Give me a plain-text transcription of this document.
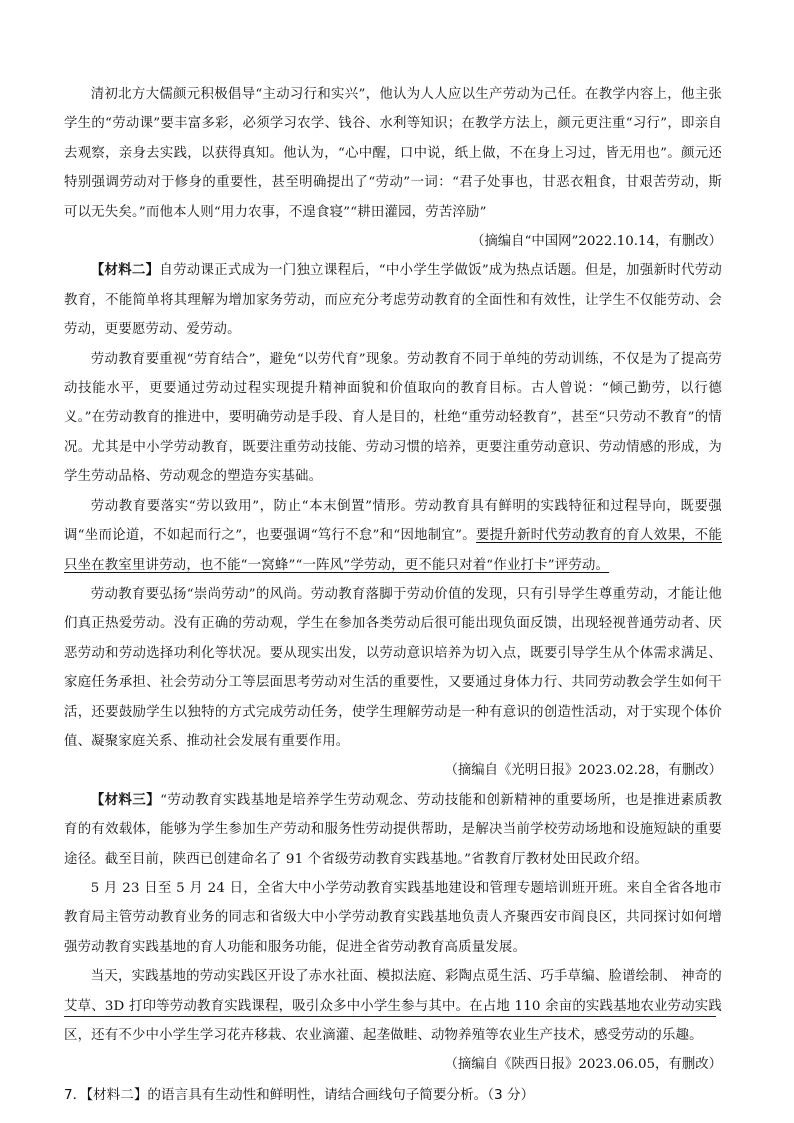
清初北方大儒颜元积极倡导“主动习行和实兴”，他认为人人应以生产劳动为己任。在教学内容上，他主张学生的“劳动课”要丰富多彩，必须学习农学、钱谷、水利等知识；在教学方法上，颜元更注重“习行”，即亲自去观察，亲身去实践，以获得真知。他认为，“心中醒，口中说，纸上做，不在身上习过，皆无用也”。颜元还特别强调劳动对于修身的重要性，甚至明确提出了“劳动”一词：“君子处事也，甘恶衣粗食，甘艰苦劳动，斯可以无失矣。”而他本人则“用力农事，不遑食寝”“耕田灌园，劳苦淬励”

（摘编自“中国网”2022.10.14，有删改）

【材料二】自劳动课正式成为一门独立课程后，“中小学生学做饭”成为热点话题。但是，加强新时代劳动教育，不能简单将其理解为增加家务劳动，而应充分考虑劳动教育的全面性和有效性，让学生不仅能劳动、会劳动，更要愿劳动、爱劳动。

劳动教育要重视“劳育结合”，避免“以劳代育”现象。劳动教育不同于单纯的劳动训练，不仅是为了提高劳动技能水平，更要通过劳动过程实现提升精神面貌和价值取向的教育目标。古人曾说：“倾己勤劳，以行德义。”在劳动教育的推进中，要明确劳动是手段、育人是目的，杜绝“重劳动轻教育”，甚至“只劳动不教育”的情况。尤其是中小学劳动教育，既要注重劳动技能、劳动习惯的培养，更要注重劳动意识、劳动情感的形成，为学生劳动品格、劳动观念的塑造夯实基础。

劳动教育要落实“劳以致用”，防止“本末倒置”情形。劳动教育具有鲜明的实践特征和过程导向，既要强调“坐而论道，不如起而行之”，也要强调“笃行不怠”和“因地制宜”。要提升新时代劳动教育的育人效果，不能只坐在教室里讲劳动，也不能“一窝蜂”“一阵风”学劳动，更不能只对着“作业打卡”评劳动。

劳动教育要弘扬“崇尚劳动”的风尚。劳动教育落脚于劳动价值的发现，只有引导学生尊重劳动，才能让他们真正热爱劳动。没有正确的劳动观，学生在参加各类劳动后很可能出现负面反馈，出现轻视普通劳动者、厌恶劳动和劳动选择功利化等状况。要从现实出发，以劳动意识培养为切入点，既要引导学生从个体需求满足、家庭任务承担、社会劳动分工等层面思考劳动对生活的重要性，又要通过身体力行、共同劳动教会学生如何干活，还要鼓励学生以独特的方式完成劳动任务，使学生理解劳动是一种有意识的创造性活动，对于实现个体价值、凝聚家庭关系、推动社会发展有重要作用。

（摘编自《光明日报》2023.02.28，有删改）

【材料三】“劳动教育实践基地是培养学生劳动观念、劳动技能和创新精神的重要场所，也是推进素质教育的有效载体，能够为学生参加生产劳动和服务性劳动提供帮助，是解决当前学校劳动场地和设施短缺的重要途径。截至目前，陕西已创建命名了 91 个省级劳动教育实践基地。”省教育厅教材处田民政介绍。

5 月 23 日至 5 月 24 日，全省大中小学劳动教育实践基地建设和管理专题培训班开班。来自全省各地市教育局主管劳动教育业务的同志和省级大中小学劳动教育实践基地负责人齐聚西安市阎良区，共同探讨如何增强劳动教育实践基地的育人功能和服务功能，促进全省劳动教育高质量发展。

当天，实践基地的劳动实践区开设了赤水社面、模拟法庭、彩陶点觅生活、巧手草编、脸谱绘制、 神奇的艾草、3D 打印等劳动教育实践课程，吸引众多中小学生参与其中。在占地 110 余亩的实践基地农业劳动实践区，还有不少中小学生学习花卉移栽、农业滴灌、起垄做畦、动物养殖等农业生产技术，感受劳动的乐趣。

（摘编自《陕西日报》2023.06.05，有删改）

7．【材料二】的语言具有生动性和鲜明性，请结合画线句子简要分析。（3 分）
